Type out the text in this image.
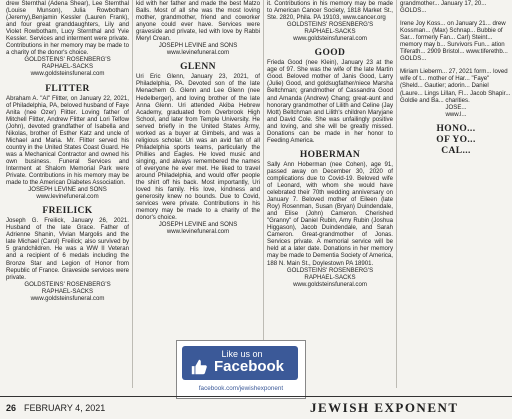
drew Sternthal (Adena Shear), Lee Sternthal (Louise Munson), Julia Rowbotham (Jeremy),Benjamin Kessler (Lauren Frank), and four great granddaughters, Lily and Violet Rowbotham, Lucy Sternthal and Yvie Kessler. Services and interment were private. Contributions in her memory may be made to a charity of the donor's choice.

GOLDSTEINS' ROSENBERG'S

RAPHAEL-SACKS

www.goldsteinsfuneral.com

FLITTER

Abraham A. "Al" Flitter, on January 22, 2021, of Philadelphia, PA, beloved husband of Faye Anita (nee Ozer) Flitter. Loving father of Mitchell Flitter, Andrew Flitter and Lori Telfow (John), devoted grandfather of Isabella and Nikolas, brother of Esther Katz and uncle of Michael and Maria. Mr. Flitter served his country in the United States Coast Guard. He was a Mechanical Contractor and owned his own business. Funeral Services and Interment at Shalom Memorial Park were Private. Contributions in his memory may be made to the American Diabetes Association.

JOSEPH LEVINE and SONS

www.levinefuneral.com

FREILICK

Joseph G. Freilick, January 26, 2021. Husband of the late Grace. Father of Adrienne Shanin, Vivian Margolis and the late Michael (Carol) Freilick; also survived by 5 grandchildren. He was a WW II Veteran and a recipient of 6 medals including the Bronze Star and Legion of Honor from Republic of France. Graveside services were private.

GOLDSTEINS' ROSENBERG'S

RAPHAEL-SACKS

www.goldsteinsfuneral.com

kid with her father and made the best Matzo Balls. Most of all she was the most loving mother, grandmother, friend and coworker anyone could ever have. Services were graveside and private, led with love by Rabbi Meryl Crean.

JOSEPH LEVINE and SONS

www.levinefuneral.com

GLENN

Uri Eric Glenn, January 23, 2021, of Philadelphia, PA. Devoted son of the late Menachem G. Glenn and Lee Glenn (nee Hedelberger), and loving brother of the late Anna Glenn. Uri attended Akiba Hebrew Academy, graduated from Overbrook High School, and later from Temple University. He served briefly in the United States Army, worked as a buyer at Gimbels, and was a religious scholar. Uri was an avid fan of all Philadelphia sports teams, particularly the Phillies and Eagles. He loved music and singing, and always remembered the names of everyone he ever met. He liked to travel around Philadelphia, and would offer people the shirt off his back. Most importantly, Uri loved his family. His love, kindness and generosity knew no bounds. Due to Covid, services were private. Contributions in his memory may be made to a charity of the donor's choice.

JOSEPH LEVINE and SONS

www.levinefuneral.com

Like us on
Facebook
facebook.com/jewishexponent

it. Contributions in his memory may be made to American Cancer Society, 1818 Market St., Ste. 2820, Phila. PA 19103, www.cancer.org

GOLDSTEINS' ROSENBERG'S

RAPHAEL-SACKS

www.goldsteinsfuneral.com

GOOD

Frieda Good (nee Klein), January 23 at the age of 97. She was the wife of the late Martin Good. Beloved mother of Janis Good, Larry (Julie) Good, and goldsugfather/niece Marsha Beltchman; grandmother of Cassandra Good and Amanda (Andrew) Chang; great-aunt and honorary grandmother of Lilith and Celine (Jay Mott) Beltchman and Lilith's children Maryjane and David Cole. She was unfailingly positive and loving, and she will be greatly missed. Donations can be made in her honor to Feeding America.

HOBERMAN

Sally Ann Hoberman (nee Cohen), age 91, passed away on December 30, 2020 of complications due to Covid-19. Beloved wife of Leonard, with whom she would have celebrated their 70th wedding anniversary on January 7. Beloved mother of Eileen (late Roy) Rosenman, Susan (Bryan) Duindendale, and Elise (John) Cameron. Cherished "Granny" of Daniel Rubin, Amy Rubin (Joshua Higgason), Jacob Duindendale, and Sarah Cameron. Great-grandmother of Jonas. Services private. A memorial service will be held at a later date. Donations in her memory may be made to Dementia Society of America, 188 N. Main St., Doylestown PA 18901.

GOLDSTEINS' ROSENBERG'S

RAPHAEL-SACKS

www.goldsteinsfuneral.com

grandmother... January 17, 20... GOLDS...

Irene Joy Koss... on January 21... drew Kossman... (Max) Schnap... Bubbie of Sar... formerly Fan... Carl) Steint... memory may b... Survivors Fun... ation Tiferath... 2909 Bristol... www.tiferethb... GOLDS...

Miriam Lieberm... 27, 2021 form... loved wife of t... mother of Har... "Faye" (Sheld... Gautier; adorin... Daniel (Laure... Lings Lillan, Fl... Jacob Shapir... Goldie and Ba... charities.

JOSE...

www.l...

HONO...

OF YO...

CAL...

26 FEBRUARY 4, 2021	JEWISH EXPONENT
